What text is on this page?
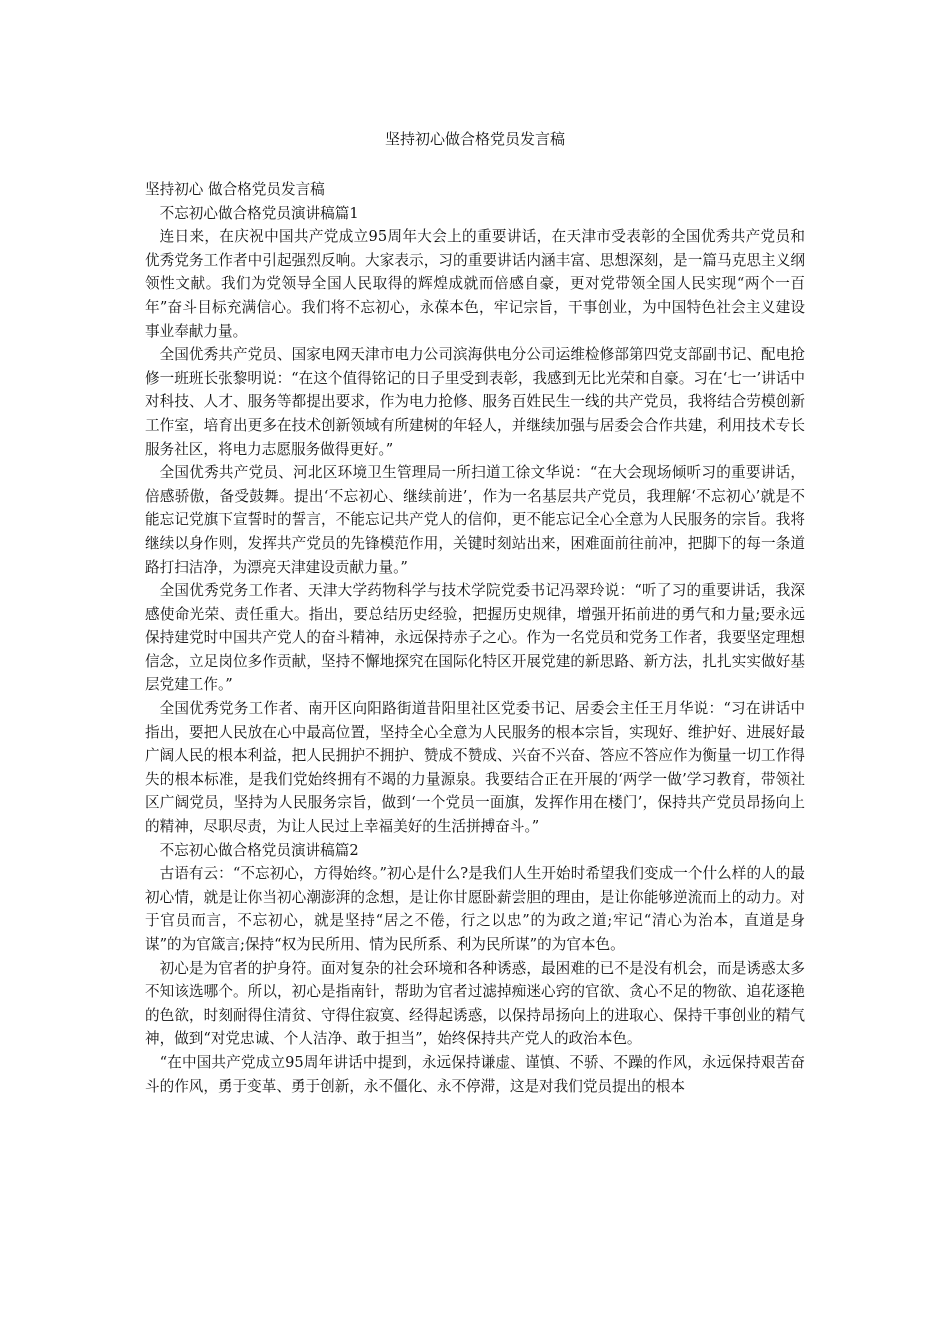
坚持初心做合格党员发言稿

坚持初心 做合格党员发言稿

不忘初心做合格党员演讲稿篇1

连日来，在庆祝中国共产党成立95周年大会上的重要讲话，在天津市受表彰的全国优秀共产党员和优秀党务工作者中引起强烈反响。大家表示，习的重要讲话内涵丰富、思想深刻，是一篇马克思主义纲领性文献。我们为党领导全国人民取得的辉煌成就而倍感自豪，更对党带领全国人民实现“两个一百年”奋斗目标充满信心。我们将不忘初心，永葆本色，牢记宗旨，干事创业，为中国特色社会主义建设事业奉献力量。

全国优秀共产党员、国家电网天津市电力公司滨海供电分公司运维检修部第四党支部副书记、配电抢修一班班长张黎明说：“在这个值得铭记的日子里受到表彰，我感到无比光荣和自豪。习在‘七一’讲话中对科技、人才、服务等都提出要求，作为电力抢修、服务百姓民生一线的共产党员，我将结合劳模创新工作室，培育出更多在技术创新领域有所建树的年轻人，并继续加强与居委会合作共建，利用技术专长服务社区，将电力志愿服务做得更好。”

全国优秀共产党员、河北区环境卫生管理局一所扫道工徐文华说：“在大会现场倾听习的重要讲话，倍感骄傲，备受鼓舞。提出‘不忘初心、继续前进’，作为一名基层共产党员，我理解‘不忘初心’就是不能忘记党旗下宣誓时的誓言，不能忘记共产党人的信仰，更不能忘记全心全意为人民服务的宗旨。我将继续以身作则，发挥共产党员的先锋模范作用，关键时刻站出来，困难面前往前冲，把脚下的每一条道路打扫洁净，为漂亮天津建设贡献力量。”

全国优秀党务工作者、天津大学药物科学与技术学院党委书记冯翠玲说：“听了习的重要讲话，我深感使命光荣、责任重大。指出，要总结历史经验，把握历史规律，增强开拓前进的勇气和力量;要永远保持建党时中国共产党人的奋斗精神，永远保持赤子之心。作为一名党员和党务工作者，我要坚定理想信念，立足岗位多作贡献，坚持不懈地探究在国际化特区开展党建的新思路、新方法，扎扎实实做好基层党建工作。”

全国优秀党务工作者、南开区向阳路街道昔阳里社区党委书记、居委会主任王月华说：“习在讲话中指出，要把人民放在心中最高位置，坚持全心全意为人民服务的根本宗旨，实现好、维护好、进展好最广阔人民的根本利益，把人民拥护不拥护、赞成不赞成、兴奋不兴奋、答应不答应作为衡量一切工作得失的根本标准，是我们党始终拥有不竭的力量源泉。我要结合正在开展的‘两学一做’学习教育，带领社区广阔党员，坚持为人民服务宗旨，做到‘一个党员一面旗，发挥作用在楼门’，保持共产党员昂扬向上的精神，尽职尽责，为让人民过上幸福美好的生活拼搏奋斗。”

不忘初心做合格党员演讲稿篇2

古语有云：“不忘初心，方得始终。”初心是什么?是我们人生开始时希望我们变成一个什么样的人的最初心情，就是让你当初心潮澎湃的念想，是让你甘愿卧薪尝胆的理由，是让你能够逆流而上的动力。对于官员而言，不忘初心，就是坚持“居之不倦，行之以忠”的为政之道;牢记“清心为治本，直道是身谋”的为官箴言;保持“权为民所用、情为民所系、利为民所谋”的为官本色。

初心是为官者的护身符。面对复杂的社会环境和各种诱惑，最困难的已不是没有机会，而是诱惑太多不知该选哪个。所以，初心是指南针，帮助为官者过滤掉痴迷心窍的官欲、贪心不足的物欲、追花逐艳的色欲，时刻耐得住清贫、守得住寂寞、经得起诱惑，以保持昂扬向上的进取心、保持干事创业的精气神，做到“对党忠诚、个人洁净、敢于担当”，始终保持共产党人的政治本色。

“在中国共产党成立95周年讲话中提到，永远保持谦虚、谨慎、不骄、不躁的作风，永远保持艰苦奋斗的作风，勇于变革、勇于创新，永不僵化、永不停滞，这是对我们党员提出的根本
